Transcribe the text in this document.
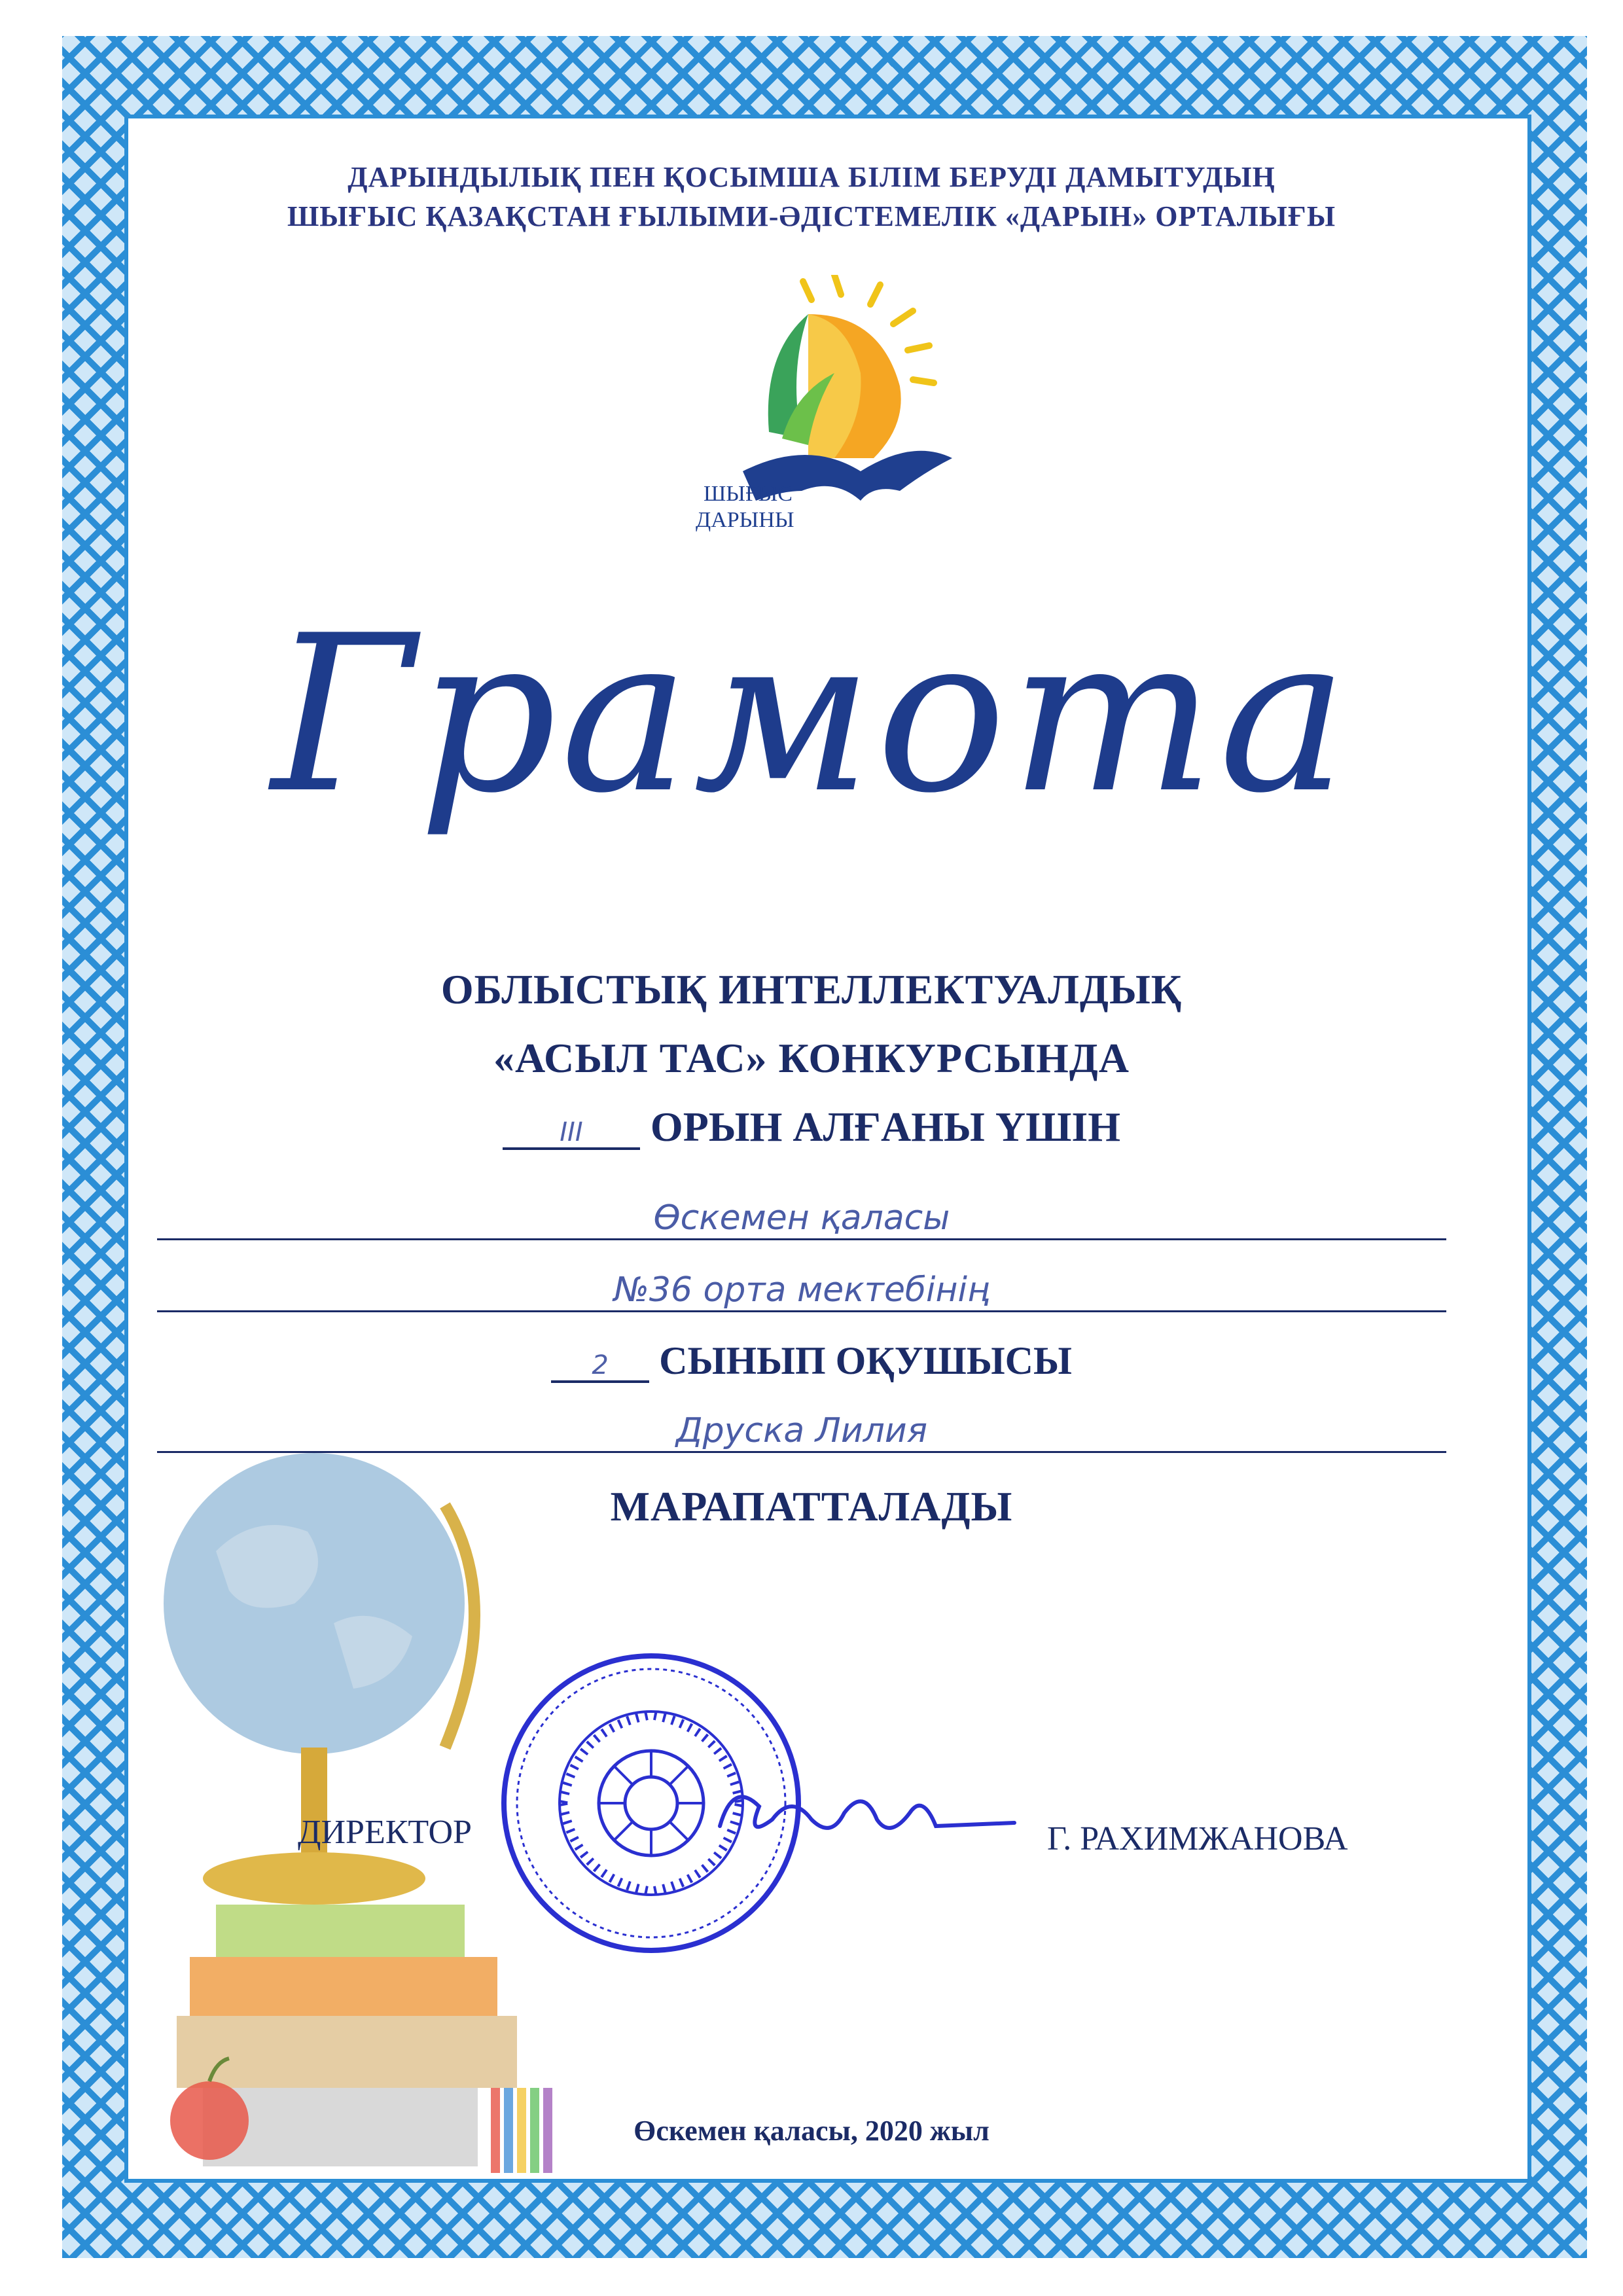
ДАРЫНДЫЛЫҚ ПЕН ҚОСЫМША БІЛІМ БЕРУДІ ДАМЫТУДЫҢ
ШЫҒЫС ҚАЗАҚСТАН ҒЫЛЫМИ-ӘДІСТЕМЕЛІК «ДАРЫН» ОРТАЛЫҒЫ
ШЫҒЫС
ДАРЫНЫ
Грамота
ОБЛЫСТЫҚ ИНТЕЛЛЕКТУАЛДЫҚ
«АСЫЛ ТАС» КОНКУРСЫНДА
III ОРЫН АЛҒАНЫ ҮШІН
Өскемен қаласы
№36 орта мектебінің
2 СЫНЫП ОҚУШЫСЫ
Друска Лилия
МАРАПАТТАЛАДЫ
ДИРЕКТОР	Г. РАХИМЖАНОВА
Өскемен қаласы, 2020 жыл
